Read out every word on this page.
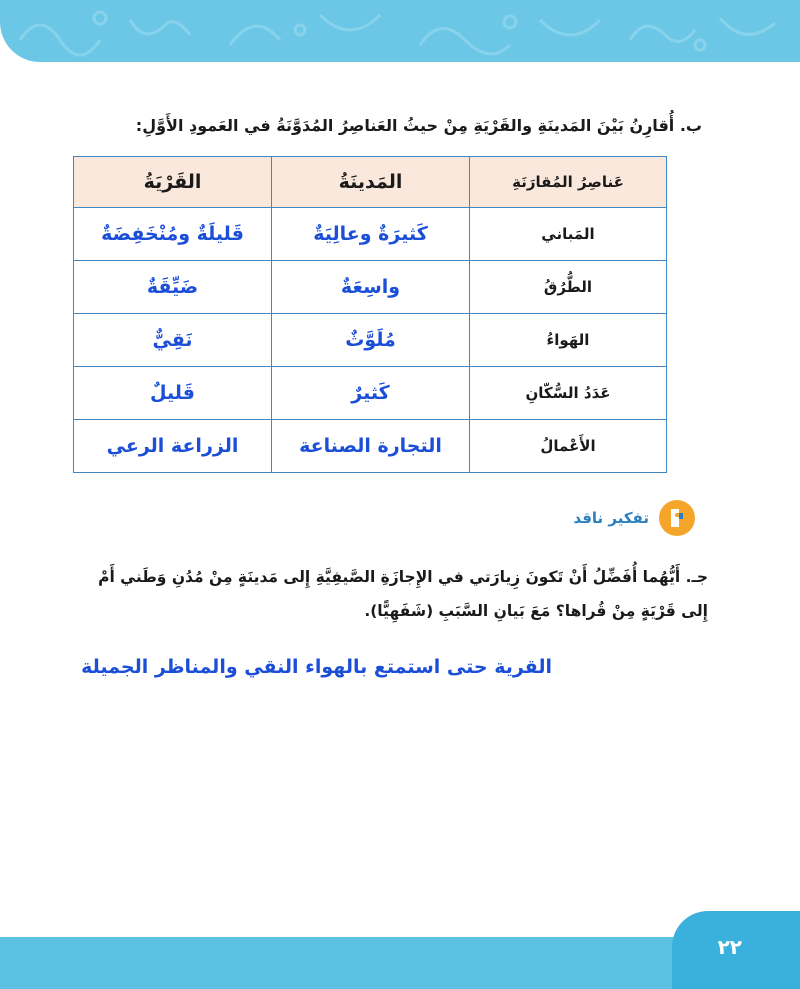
ب. أُقارِنُ بَيْنَ المَدينَةِ والقَرْيَةِ مِنْ حيثُ العَناصِرُ المُدَوَّنَةُ في العَمودِ الأَوَّلِ:
عَناصِرُ المُقارَنَةِ	المَدينَةُ	القَرْيَةُ
المَباني	كَثيرَةٌ وعالِيَةٌ	قَليلَةٌ ومُنْخَفِضَةٌ
الطُّرُقُ	واسِعَةٌ	ضَيِّقَةٌ
الهَواءُ	مُلَوَّثٌ	نَقِيٌّ
عَدَدُ السُّكّانِ	كَثيرٌ	قَليلٌ
الأَعْمالُ	التجارة الصناعة	الزراعة الرعي
تفكير ناقد
جـ. أَيُّهُما أُفَضِّلُ أَنْ تَكونَ زِيارَتي في الإِجازَةِ الصَّيفِيَّةِ إِلى مَدينَةٍ مِنْ مُدُنِ وَطَني أَمْ إِلى قَرْيَةٍ مِنْ قُراها؟ مَعَ بَيانِ السَّبَبِ (شَفَهِيًّا).
القرية حتى استمتع بالهواء النقي والمناظر الجميلة
٢٢
